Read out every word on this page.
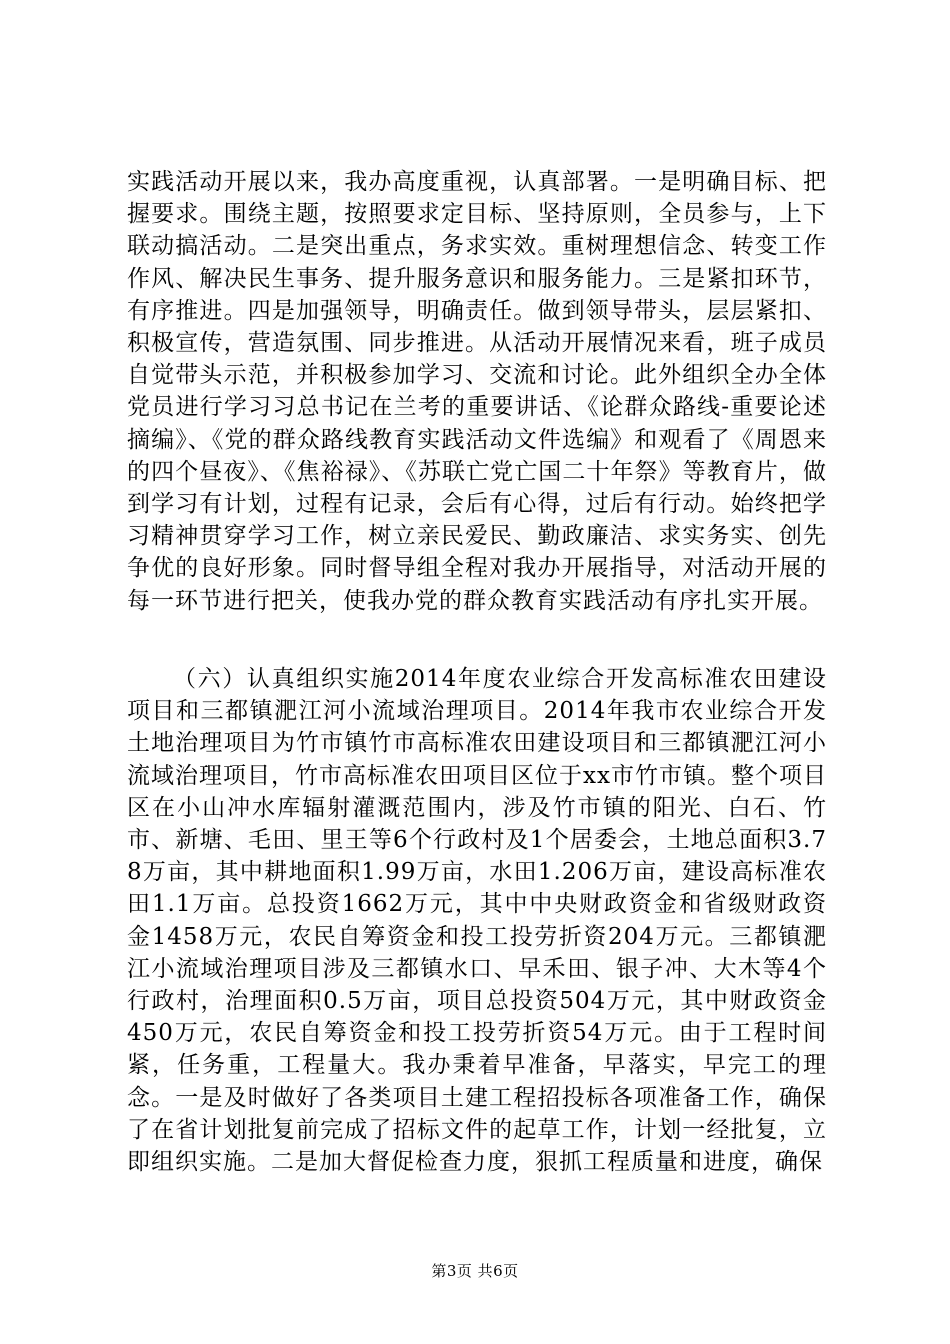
实践活动开展以来，我办高度重视，认真部署。一是明确目标、把握要求。围绕主题，按照要求定目标、坚持原则，全员参与，上下联动搞活动。二是突出重点，务求实效。重树理想信念、转变工作作风、解决民生事务、提升服务意识和服务能力。三是紧扣环节，有序推进。四是加强领导，明确责任。做到领导带头，层层紧扣、积极宣传，营造氛围、同步推进。从活动开展情况来看，班子成员自觉带头示范，并积极参加学习、交流和讨论。此外组织全办全体党员进行学习习总书记在兰考的重要讲话、《论群众路线-重要论述摘编》、《党的群众路线教育实践活动文件选编》和观看了《周恩来的四个昼夜》、《焦裕禄》、《苏联亡党亡国二十年祭》等教育片，做到学习有计划，过程有记录，会后有心得，过后有行动。始终把学习精神贯穿学习工作，树立亲民爱民、勤政廉洁、求实务实、创先争优的良好形象。同时督导组全程对我办开展指导，对活动开展的每一环节进行把关，使我办党的群众教育实践活动有序扎实开展。

（六）认真组织实施2014年度农业综合开发高标准农田建设项目和三都镇淝江河小流域治理项目。2014年我市农业综合开发土地治理项目为竹市镇竹市高标准农田建设项目和三都镇淝江河小流域治理项目，竹市高标准农田项目区位于xx市竹市镇。整个项目区在小山冲水库辐射灌溉范围内，涉及竹市镇的阳光、白石、竹市、新塘、毛田、里王等6个行政村及1个居委会，土地总面积3.78万亩，其中耕地面积1.99万亩，水田1.206万亩，建设高标准农田1.1万亩。总投资1662万元，其中中央财政资金和省级财政资金1458万元，农民自筹资金和投工投劳折资204万元。三都镇淝江小流域治理项目涉及三都镇水口、早禾田、银子冲、大木等4个行政村，治理面积0.5万亩，项目总投资504万元，其中财政资金450万元，农民自筹资金和投工投劳折资54万元。由于工程时间紧，任务重，工程量大。我办秉着早准备，早落实，早完工的理念。一是及时做好了各类项目土建工程招投标各项准备工作，确保了在省计划批复前完成了招标文件的起草工作，计划一经批复，立即组织实施。二是加大督促检查力度，狠抓工程质量和进度，确保

第3页 共6页
